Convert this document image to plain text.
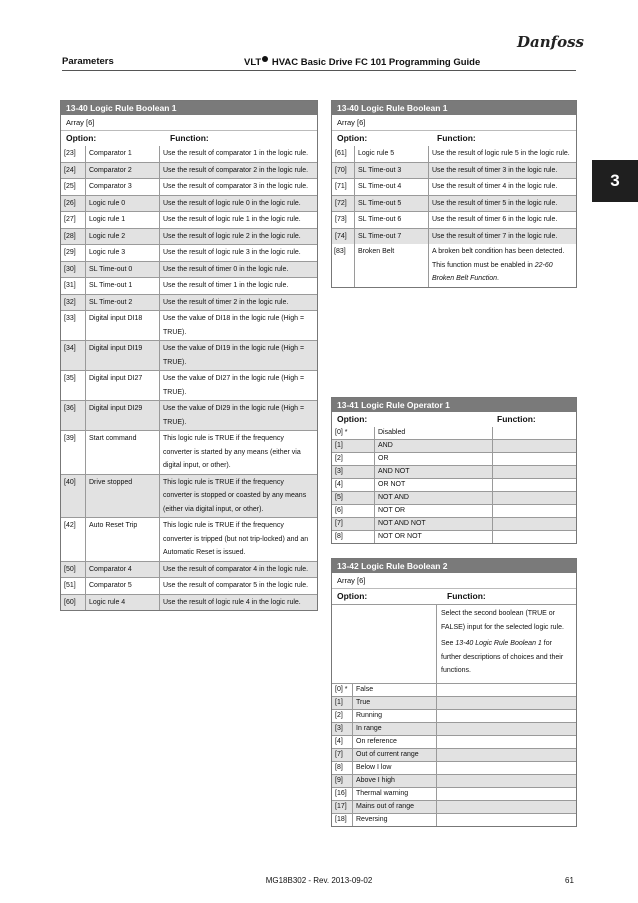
Parameters	VLT HVAC Basic Drive FC 101 Programming Guide
Danfoss
3
13-40 Logic Rule Boolean 1
Array [6]
Option:	Function:
[23]	Comparator 1	Use the result of comparator 1 in the logic rule.
[24]	Comparator 2	Use the result of comparator 2 in the logic rule.
[25]	Comparator 3	Use the result of comparator 3 in the logic rule.
[26]	Logic rule 0	Use the result of logic rule 0 in the logic rule.
[27]	Logic rule 1	Use the result of logic rule 1 in the logic rule.
[28]	Logic rule 2	Use the result of logic rule 2 in the logic rule.
[29]	Logic rule 3	Use the result of logic rule 3 in the logic rule.
[30]	SL Time-out 0	Use the result of timer 0 in the logic rule.
[31]	SL Time-out 1	Use the result of timer 1 in the logic rule.
[32]	SL Time-out 2	Use the result of timer 2 in the logic rule.
[33]	Digital input DI18	Use the value of DI18 in the logic rule (High = TRUE).
[34]	Digital input DI19	Use the value of DI19 in the logic rule (High = TRUE).
[35]	Digital input DI27	Use the value of DI27 in the logic rule (High = TRUE).
[36]	Digital input DI29	Use the value of DI29 in the logic rule (High = TRUE).
[39]	Start command	This logic rule is TRUE if the frequency converter is started by any means (either via digital input, or other).
[40]	Drive stopped	This logic rule is TRUE if the frequency converter is stopped or coasted by any means (either via digital input, or other).
[42]	Auto Reset Trip	This logic rule is TRUE if the frequency converter is tripped (but not trip-locked) and an Automatic Reset is issued.
[50]	Comparator 4	Use the result of comparator 4 in the logic rule.
[51]	Comparator 5	Use the result of comparator 5 in the logic rule.
[60]	Logic rule 4	Use the result of logic rule 4 in the logic rule.
13-40 Logic Rule Boolean 1
Array [6]
Option:	Function:
[61]	Logic rule 5	Use the result of logic rule 5 in the logic rule.
[70]	SL Time-out 3	Use the result of timer 3 in the logic rule.
[71]	SL Time-out 4	Use the result of timer 4 in the logic rule.
[72]	SL Time-out 5	Use the result of timer 5 in the logic rule.
[73]	SL Time-out 6	Use the result of timer 6 in the logic rule.
[74]	SL Time-out 7	Use the result of timer 7 in the logic rule.
[83]	Broken Belt	A broken belt condition has been detected. This function must be enabled in 22-60 Broken Belt Function.
13-41 Logic Rule Operator 1
Option:	Function:
[0] *	Disabled
[1]	AND
[2]	OR
[3]	AND NOT
[4]	OR NOT
[5]	NOT AND
[6]	NOT OR
[7]	NOT AND NOT
[8]	NOT OR NOT
13-42 Logic Rule Boolean 2
Array [6]
Option:	Function:

Select the second boolean (TRUE or FALSE) input for the selected logic rule.

See 13-40 Logic Rule Boolean 1 for further descriptions of choices and their functions.

[0] *	False
[1]	True
[2]	Running
[3]	In range
[4]	On reference
[7]	Out of current range
[8]	Below I low
[9]	Above I high
[16]	Thermal warning
[17]	Mains out of range
[18]	Reversing
MG18B302 - Rev. 2013-09-02	61
